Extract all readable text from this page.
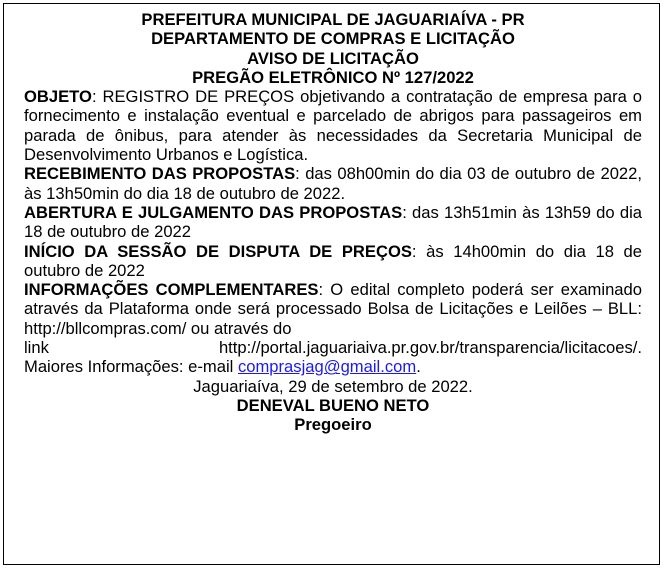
PREFEITURA MUNICIPAL DE JAGUARIAÍVA - PR
DEPARTAMENTO DE COMPRAS E LICITAÇÃO
AVISO DE LICITAÇÃO
PREGÃO ELETRÔNICO Nº 127/2022
OBJETO: REGISTRO DE PREÇOS objetivando a contratação de empresa para o fornecimento e instalação eventual e parcelado de abrigos para passageiros em parada de ônibus, para atender às necessidades da Secretaria Municipal de Desenvolvimento Urbanos e Logística.
RECEBIMENTO DAS PROPOSTAS: das 08h00min do dia 03 de outubro de 2022, às 13h50min do dia 18 de outubro de 2022.
ABERTURA E JULGAMENTO DAS PROPOSTAS: das 13h51min às 13h59 do dia 18 de outubro de 2022
INÍCIO DA SESSÃO DE DISPUTA DE PREÇOS: às 14h00min do dia 18 de outubro de 2022
INFORMAÇÕES COMPLEMENTARES: O edital completo poderá ser examinado através da Plataforma onde será processado Bolsa de Licitações e Leilões – BLL: http://bllcompras.com/ ou através do
link	http://portal.jaguariaiva.pr.gov.br/transparencia/licitacoes/.
Maiores Informações: e-mail comprasjag@gmail.com.
Jaguariaíva, 29 de setembro de 2022.
DENEVAL BUENO NETO
Pregoeiro
